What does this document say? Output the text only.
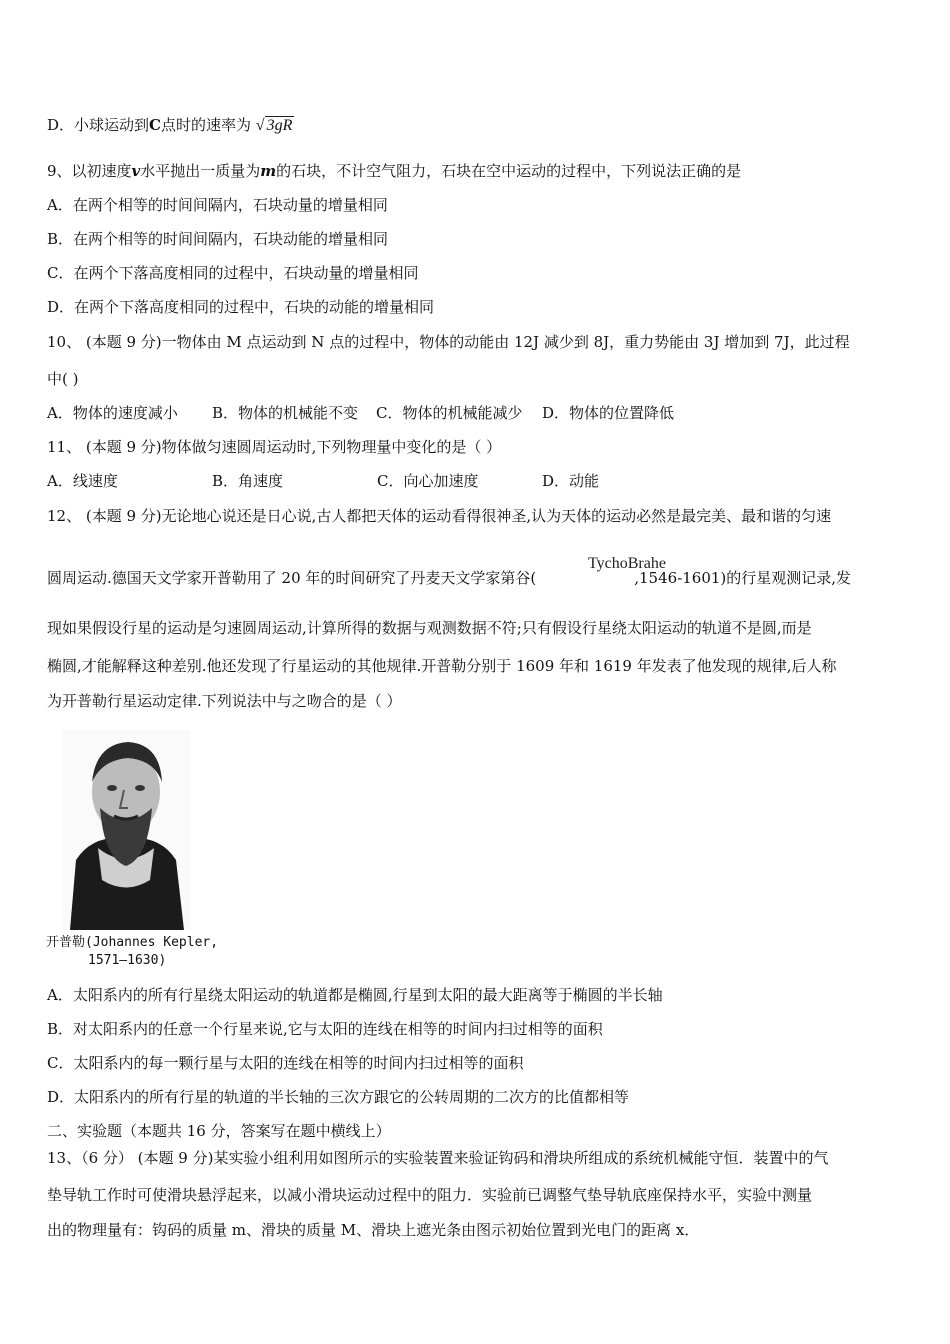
D．小球运动到C点时的速率为 √ 3gR
9、以初速度v水平抛出一质量为m的石块，不计空气阻力，石块在空中运动的过程中，下列说法正确的是
A．在两个相等的时间间隔内，石块动量的增量相同
B．在两个相等的时间间隔内，石块动能的增量相同
C．在两个下落高度相同的过程中，石块动量的增量相同
D．在两个下落高度相同的过程中，石块的动能的增量相同
10、 (本题 9 分)一物体由 M 点运动到 N 点的过程中，物体的动能由 12J 减少到 8J，重力势能由 3J 增加到 7J，此过程
中( )
A．物体的速度减小 B．物体的机械能不变 C．物体的机械能减少 D．物体的位置降低
11、 (本题 9 分)物体做匀速圆周运动时,下列物理量中变化的是（ ）
A．线速度	B．角速度	C．向心加速度	D．动能
12、 (本题 9 分)无论地心说还是日心说,古人都把天体的运动看得很神圣,认为天体的运动必然是最完美、最和谐的匀速
圆周运动.德国天文学家开普勒用了 20 年的时间研究了丹麦天文学家第谷(	,1546-1601)的行星观测记录,发
TychoBrahe
现如果假设行星的运动是匀速圆周运动,计算所得的数据与观测数据不符;只有假设行星绕太阳运动的轨道不是圆,而是
椭圆,才能解释这种差别.他还发现了行星运动的其他规律.开普勒分别于 1609 年和 1619 年发表了他发现的规律,后人称
为开普勒行星运动定律.下列说法中与之吻合的是（ ）
开普勒(Johannes Kepler,
1571—1630)
A．太阳系内的所有行星绕太阳运动的轨道都是椭圆,行星到太阳的最大距离等于椭圆的半长轴
B．对太阳系内的任意一个行星来说,它与太阳的连线在相等的时间内扫过相等的面积
C．太阳系内的每一颗行星与太阳的连线在相等的时间内扫过相等的面积
D．太阳系内的所有行星的轨道的半长轴的三次方跟它的公转周期的二次方的比值都相等
二、实验题（本题共 16 分，答案写在题中横线上）
13、（6 分） (本题 9 分)某实验小组利用如图所示的实验装置来验证钩码和滑块所组成的系统机械能守恒．装置中的气
垫导轨工作时可使滑块悬浮起来，以减小滑块运动过程中的阻力．实验前已调整气垫导轨底座保持水平，实验中测量
出的物理量有：钩码的质量 m、滑块的质量 M、滑块上遮光条由图示初始位置到光电门的距离 x．
